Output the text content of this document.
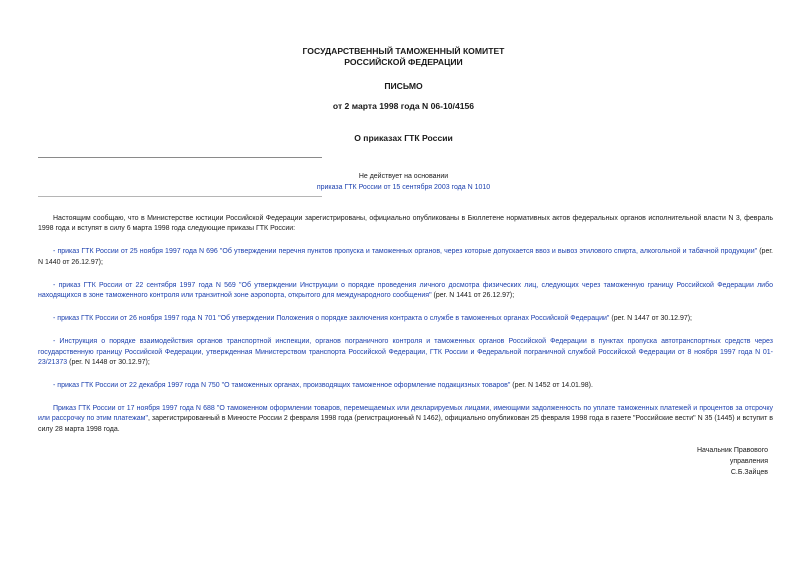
ГОСУДАРСТВЕННЫЙ ТАМОЖЕННЫЙ КОМИТЕТ
РОССИЙСКОЙ ФЕДЕРАЦИИ
ПИСЬМО
от 2 марта 1998 года N 06-10/4156
О приказах ГТК России
Не действует на основании
приказа ГТК России от 15 сентября 2003 года N 1010

Настоящим сообщаю, что в Министерстве юстиции Российской Федерации зарегистрированы, официально опубликованы в Бюллетене нормативных актов федеральных органов исполнительной власти N 3, февраль 1998 года и вступят в силу 6 марта 1998 года следующие приказы ГТК России:

- приказ ГТК России от 25 ноября 1997 года N 696 "Об утверждении перечня пунктов пропуска и таможенных органов, через которые допускается ввоз и вывоз этилового спирта, алкогольной и табачной продукции" (рег. N 1440 от 26.12.97);

- приказ ГТК России от 22 сентября 1997 года N 569 "Об утверждении Инструкции о порядке проведения личного досмотра физических лиц, следующих через таможенную границу Российской Федерации либо находящихся в зоне таможенного контроля или транзитной зоне аэропорта, открытого для международного сообщения" (рег. N 1441 от 26.12.97);

- приказ ГТК России от 26 ноября 1997 года N 701 "Об утверждении Положения о порядке заключения контракта о службе в таможенных органах Российской Федерации" (рег. N 1447 от 30.12.97);

- Инструкция о порядке взаимодействия органов транспортной инспекции, органов пограничного контроля и таможенных органов Российской Федерации в пунктах пропуска автотранспортных средств через государственную границу Российской Федерации, утвержденная Министерством транспорта Российской Федерации, ГТК России и Федеральной пограничной службой Российской Федерации от 8 ноября 1997 года N 01-23/21373 (рег. N 1448 от 30.12.97);

- приказ ГТК России от 22 декабря 1997 года N 750 "О таможенных органах, производящих таможенное оформление подакцизных товаров" (рег. N 1452 от 14.01.98).

Приказ ГТК России от 17 ноября 1997 года N 688 "О таможенном оформлении товаров, перемещаемых или декларируемых лицами, имеющими задолженность по уплате таможенных платежей и процентов за отсрочку или рассрочку по этим платежам", зарегистрированный в Минюсте России 2 февраля 1998 года (регистрационный N 1462), официально опубликован 25 февраля 1998 года в газете "Российские вести" N 35 (1445) и вступит в силу 28 марта 1998 года.

Начальник Правового
управления
С.Б.Зайцев
